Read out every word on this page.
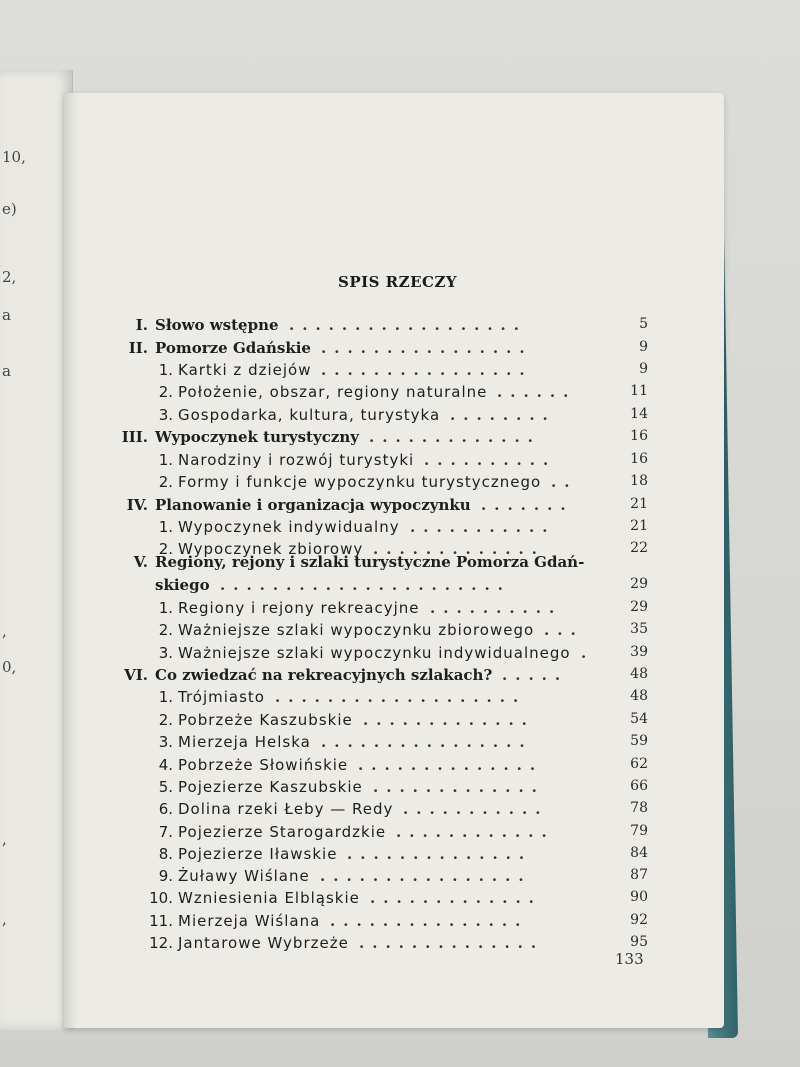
10,
e)
2,
a
a
,
0,
,
,
SPIS RZECZY
I. Słowo wstępne	5
..................
II. Pomorze Gdańskie	9
................
1. Kartki z dziejów	9
................
2. Położenie, obszar, regiony naturalne	11
......
3. Gospodarka, kultura, turystyka	14
........
III. Wypoczynek turystyczny	16
.............
1. Narodziny i rozwój turystyki	16
..........
2. Formy i funkcje wypoczynku turystycznego	18
..
IV. Planowanie i organizacja wypoczynku	21
.......
1. Wypoczynek indywidualny	21
...........
2. Wypoczynek zbiorowy	22
.............
V. Regiony, rejony i szlaki turystyczne Pomorza Gdań-
skiego	29
......................
1. Regiony i rejony rekreacyjne	29
..........
2. Ważniejsze szlaki wypoczynku zbiorowego	35
...
3. Ważniejsze szlaki wypoczynku indywidualnego	39
.
VI. Co zwiedzać na rekreacyjnych szlakach?	48
.....
1. Trójmiasto	48
...................
2. Pobrzeże Kaszubskie	54
.............
3. Mierzeja Helska	59
................
4. Pobrzeże Słowińskie	62
..............
5. Pojezierze Kaszubskie	66
.............
6. Dolina rzeki Łeby — Redy	78
...........
7. Pojezierze Starogardzkie	79
............
8. Pojezierze Iławskie	84
..............
9. Żuławy Wiślane	87
................
10. Wzniesienia Elbląskie	90
.............
11. Mierzeja Wiślana	92
...............
12. Jantarowe Wybrzeże	95
..............
133
